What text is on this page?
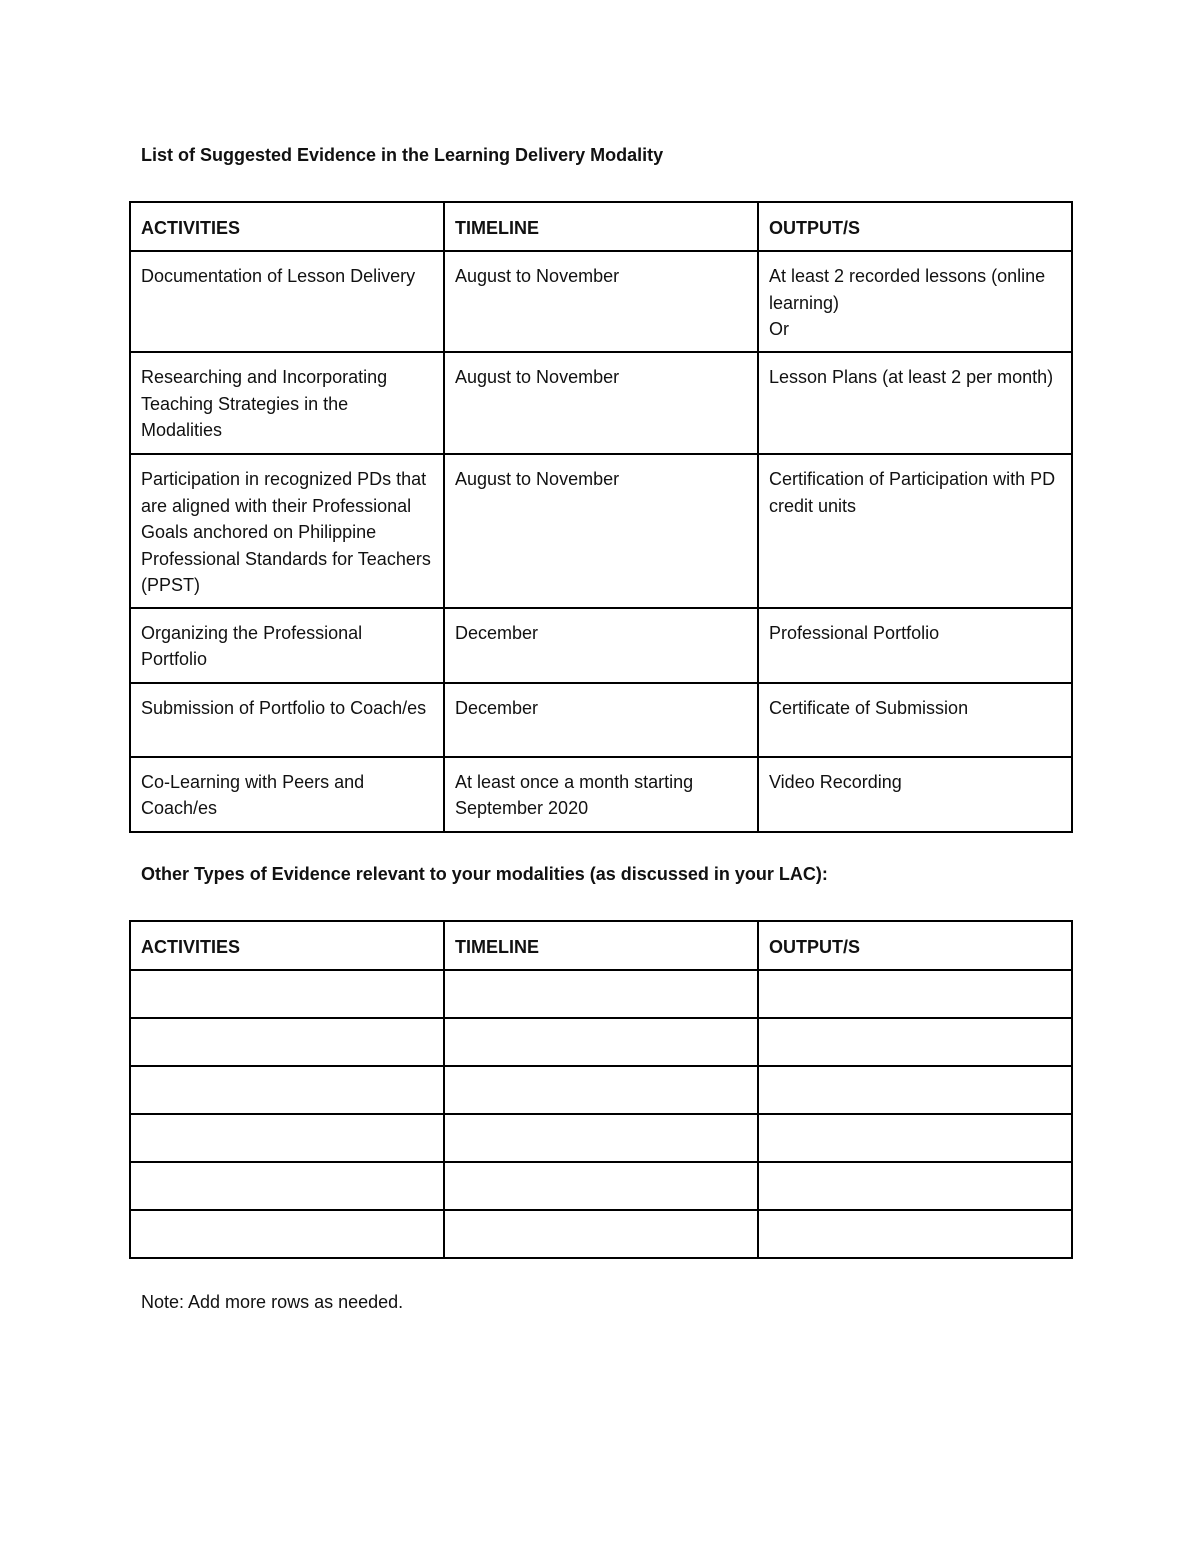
List of Suggested Evidence in the Learning Delivery Modality
ACTIVITIES	TIMELINE	OUTPUT/S
Documentation of Lesson Delivery	August to November	At least 2 recorded lessons (online learning)
Or

Researching and Incorporating Teaching Strategies in the Modalities	August to November	Lesson Plans (at least 2 per month)

Participation in recognized PDs that are aligned with their Professional Goals anchored on Philippine Professional Standards for Teachers (PPST)	August to November	Certification of Participation with PD credit units

Organizing the Professional Portfolio	December	Professional Portfolio

Submission of Portfolio to Coach/es	December	Certificate of Submission

Co-Learning with Peers and Coach/es	At least once a month starting September 2020	Video Recording
Other Types of Evidence relevant to your modalities (as discussed in your LAC):
ACTIVITIES	TIMELINE	OUTPUT/S

Note: Add more rows as needed.
